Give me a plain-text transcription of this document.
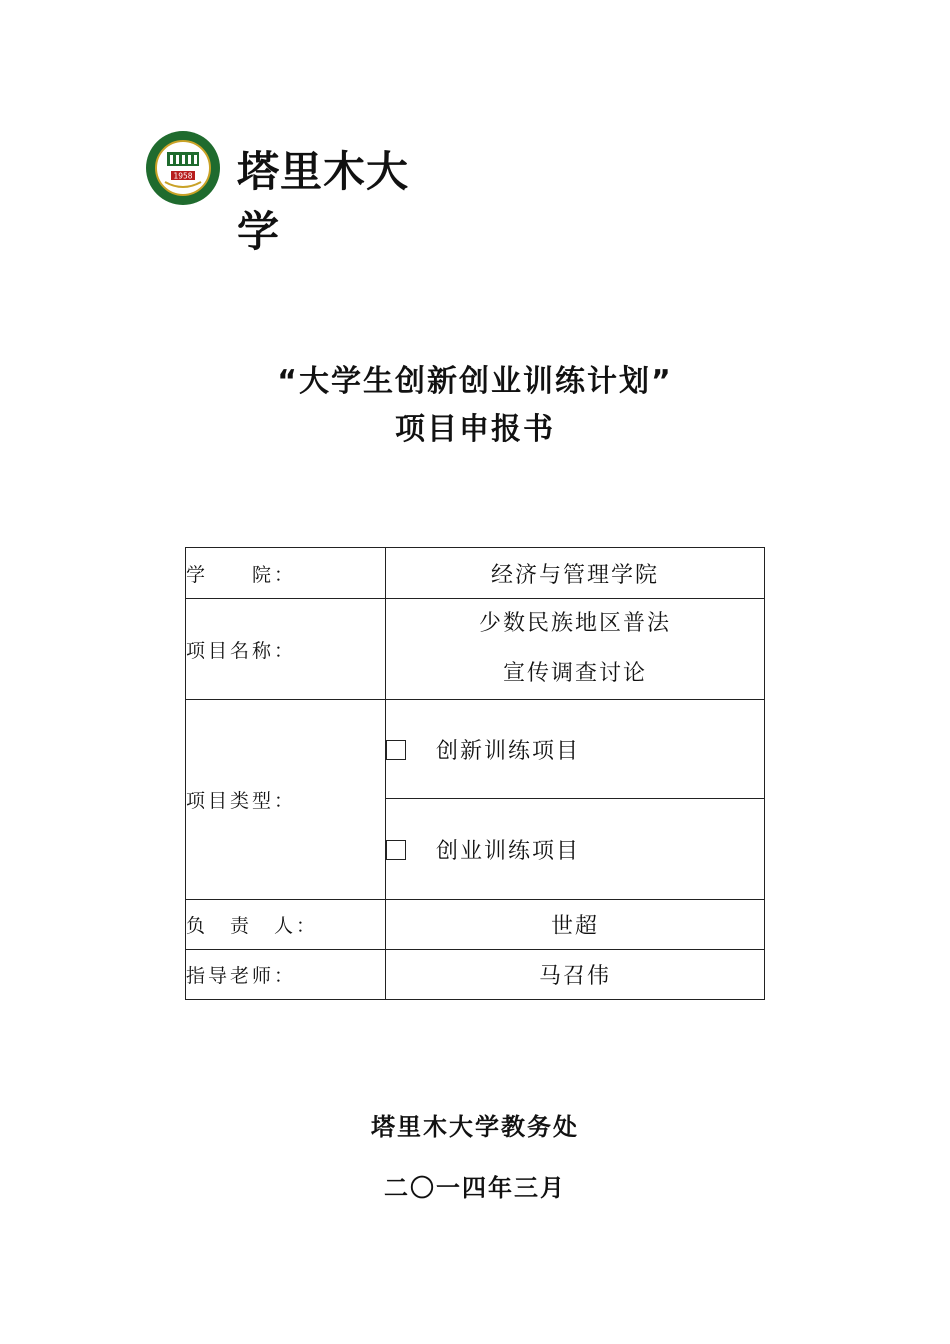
1958 塔里木大学
“大学生创新创业训练计划”
项目申报书
学　　院：	经济与管理学院
项目名称：	少数民族地区普法
宣传调查讨论

项目类型：	创新训练项目
	创业训练项目
负　责　人：	世超
指导老师：	马召伟
塔里木大学教务处
二〇一四年三月
